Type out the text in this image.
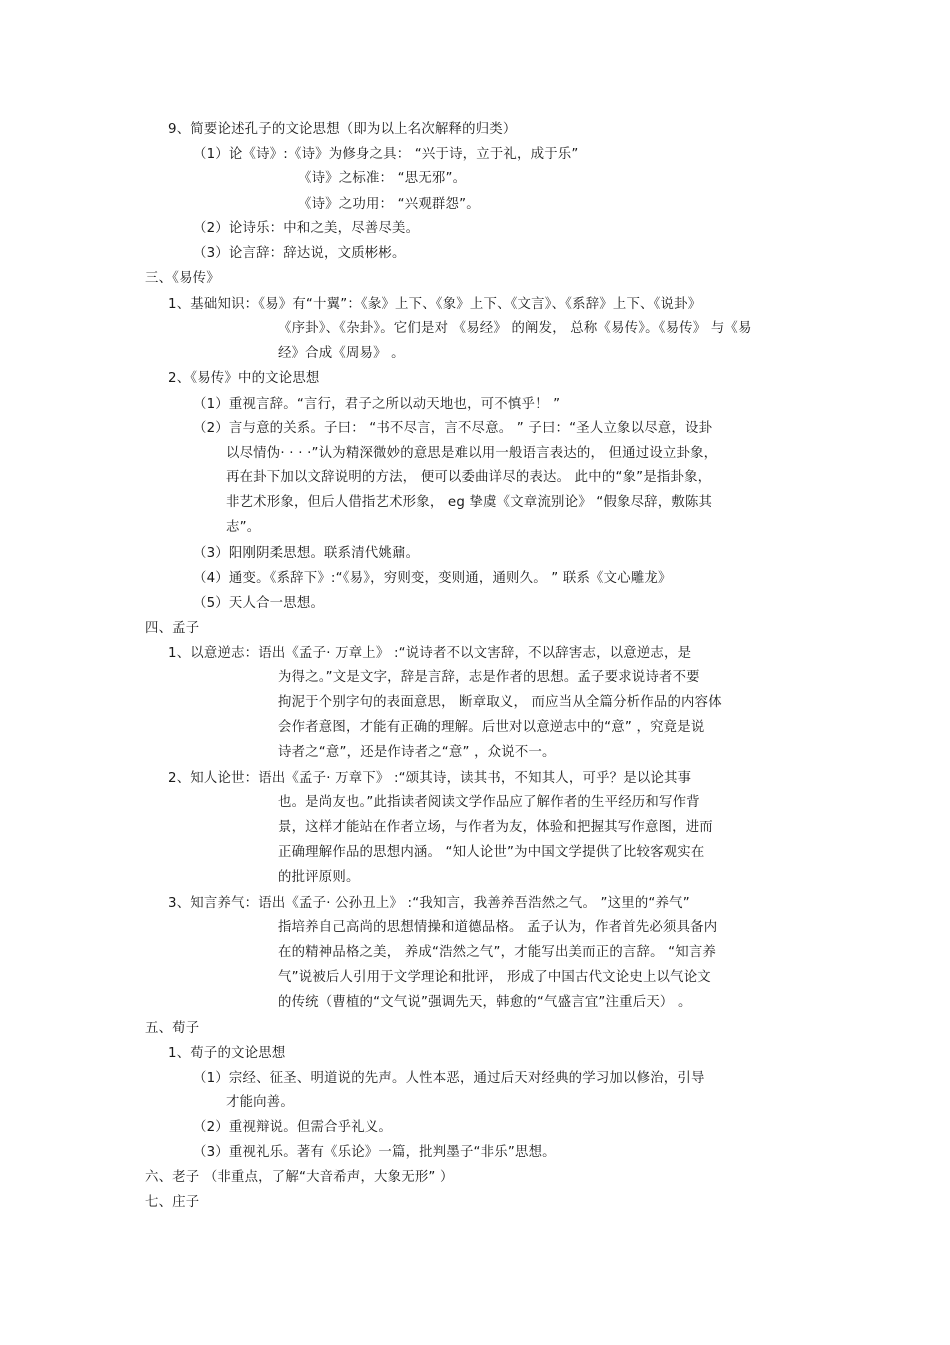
9、简要论述孔子的文论思想（即为以上名次解释的归类）
（1）论《诗》:《诗》为修身之具： “兴于诗，立于礼，成于乐”
《诗》之标准： “思无邪”。
《诗》之功用： “兴观群怨”。
（2）论诗乐：中和之美，尽善尽美。
（3）论言辞：辞达说，文质彬彬。
三、《易传》
1、基础知识：《易》有“十翼”：《彖》上下、《象》上下、《文言》、《系辞》上下、《说卦》
《序卦》、《杂卦》。它们是对 《易经》 的阐发， 总称《易传》。《易传》 与《易
经》合成《周易》 。
2、《易传》中的文论思想
（1）重视言辞。“言行，君子之所以动天地也，可不慎乎！ ”
（2）言与意的关系。子曰： “书不尽言，言不尽意。 ” 子曰：“圣人立象以尽意，设卦
以尽情伪· · · ·”认为精深微妙的意思是难以用一般语言表达的， 但通过设立卦象，
再在卦下加以文辞说明的方法， 便可以委曲详尽的表达。 此中的“象”是指卦象，
非艺术形象，但后人借指艺术形象， eg 挚虞《文章流别论》 “假象尽辞，敷陈其
志”。
（3）阳刚阴柔思想。联系清代姚鼐。
（4）通变。《系辞下》:“《易》，穷则变，变则通，通则久。 ” 联系《文心雕龙》
（5）天人合一思想。
四、孟子
1、以意逆志：语出《孟子· 万章上》 :“说诗者不以文害辞，不以辞害志，以意逆志，是
为得之。”文是文字，辞是言辞，志是作者的思想。孟子要求说诗者不要
拘泥于个别字句的表面意思， 断章取义， 而应当从全篇分析作品的内容体
会作者意图，才能有正确的理解。后世对以意逆志中的“意” ，究竟是说
诗者之“意”，还是作诗者之“意” ，众说不一。
2、知人论世：语出《孟子· 万章下》 :“颂其诗，读其书，不知其人，可乎？是以论其事
也。是尚友也。”此指读者阅读文学作品应了解作者的生平经历和写作背
景，这样才能站在作者立场，与作者为友，体验和把握其写作意图，进而
正确理解作品的思想内涵。 “知人论世”为中国文学提供了比较客观实在
的批评原则。
3、知言养气：语出《孟子· 公孙丑上》 :“我知言，我善养吾浩然之气。 ”这里的“养气”
指培养自己高尚的思想情操和道德品格。 孟子认为，作者首先必须具备内
在的精神品格之美， 养成“浩然之气”，才能写出美而正的言辞。 “知言养
气”说被后人引用于文学理论和批评， 形成了中国古代文论史上以气论文
的传统（曹植的“文气说”强调先天，韩愈的“气盛言宜”注重后天） 。
五、荀子
1、荀子的文论思想
（1）宗经、征圣、明道说的先声。人性本恶，通过后天对经典的学习加以修治，引导
才能向善。
（2）重视辩说。但需合乎礼义。
（3）重视礼乐。著有《乐论》一篇，批判墨子“非乐”思想。
六、老子 （非重点，了解“大音希声，大象无形” ）
七、庄子
